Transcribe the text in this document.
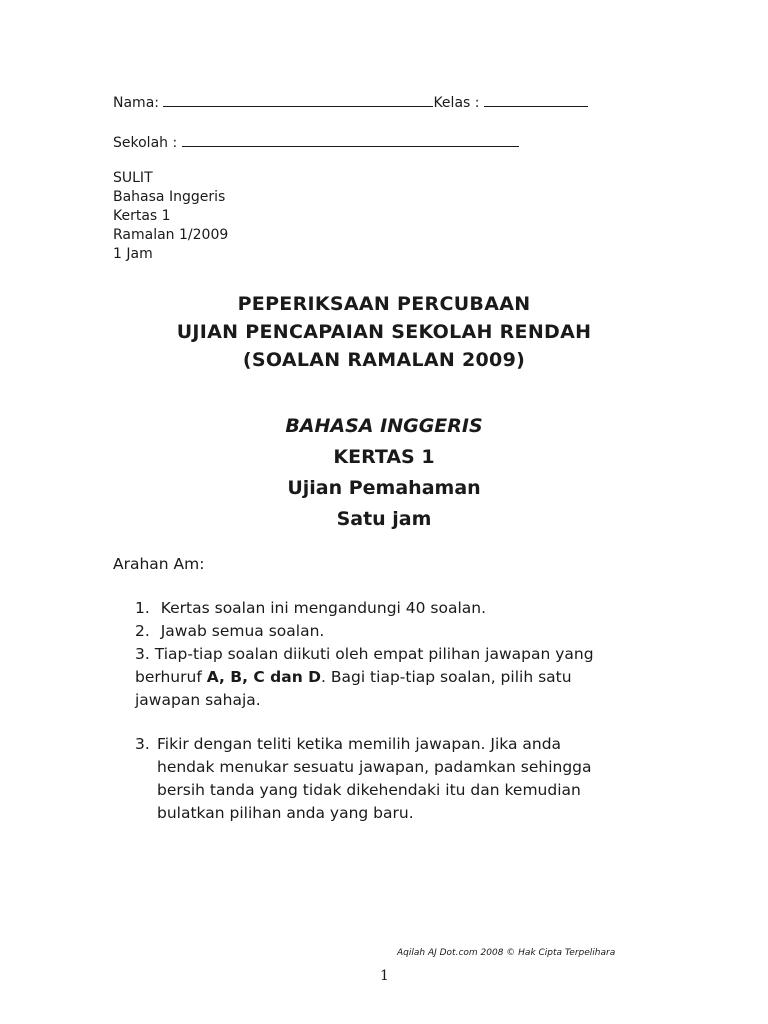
Nama:	Kelas :
Sekolah :
SULIT
Bahasa Inggeris
Kertas 1
Ramalan 1/2009
1 Jam
PEPERIKSAAN PERCUBAAN
UJIAN PENCAPAIAN SEKOLAH RENDAH
(SOALAN RAMALAN 2009)
BAHASA INGGERIS
KERTAS 1
Ujian Pemahaman
Satu jam
Arahan Am:
1. Kertas soalan ini mengandungi 40 soalan.
2. Jawab semua soalan.
3. Tiap-tiap soalan diikuti oleh empat pilihan jawapan yang
berhuruf A, B, C dan D. Bagi tiap-tiap soalan, pilih satu
jawapan sahaja.
3. Fikir dengan teliti ketika memilih jawapan. Jika anda
hendak menukar sesuatu jawapan, padamkan sehingga
bersih tanda yang tidak dikehendaki itu dan kemudian
bulatkan pilihan anda yang baru.
Aqilah AJ Dot.com 2008 © Hak Cipta Terpelihara
1
